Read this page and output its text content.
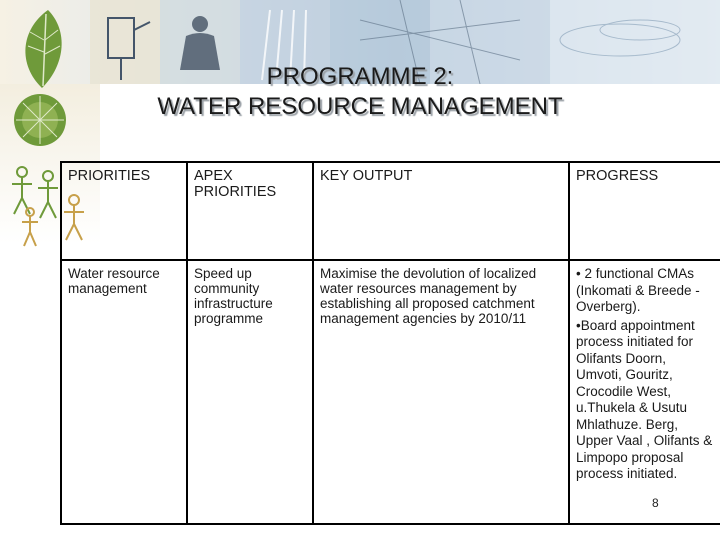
PROGRAMME 2:
WATER RESOURCE MANAGEMENT
PRIORITIES	APEX PRIORITIES	KEY OUTPUT	PROGRESS
Water resource management	Speed up community infrastructure programme	Maximise the devolution of localized water resources management by establishing all proposed catchment management agencies by 2010/11	• 2 functional CMAs (Inkomati & Breede - Overberg).

•Board appointment process initiated for Olifants Doorn, Umvoti, Gouritz, Crocodile West, u.Thukela & Usutu Mhlathuze. Berg, Upper Vaal , Olifants & Limpopo proposal process initiated.

8
